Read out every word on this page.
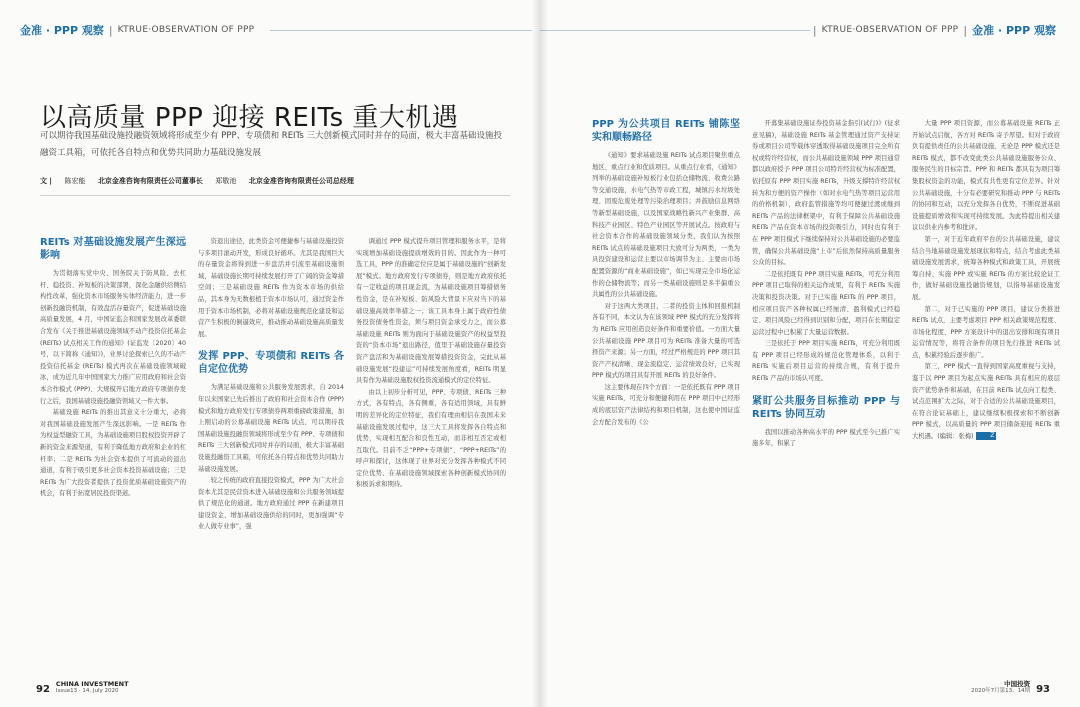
金准 · PPP 观察 | KTRUE·OBSERVATION OF PPP
以高质量 PPP 迎接 REITs 重大机遇
可以期待我国基础设施投融资领域将形成至少有 PPP、专项债和 REITs 三大创新模式同时并存的局面，极大丰富基础设施投融资工具箱，可依托各自特点和优势共同助力基础设施发展
文 | 陈宏能 北京金准咨询有限责任公司董事长 郑敬池 北京金准咨询有限责任公司总经理
REITs 对基础设施发展产生深远影响

为贯彻落实党中央、国务院关于防风险、去杠杆、稳投资、补短板的决策部署，深化金融供给侧结构性改革，强化资本市场服务实体经济能力，进一步创新投融资机制，有效盘活存量资产，促进基础设施高质量发展，4 月，中国证监会和国家发展改革委联合发布《关于推进基础设施领域不动产投资信托基金 (REITs) 试点相关工作的通知》(证监发〔2020〕40 号，以下简称《通知》)，业界讨论探索已久的不动产投资信托基金 (REITs) 模式再次在基础设施领域破冰，成为近几年中国国家大力推广应用政府和社会资本合作模式 (PPP)、大规模开启地方政府专项债券发行之后，我国基础设施投融资领域又一件大事。

基础设施 REITs 的推出其意义十分重大，必将对我国基础设施发展产生深远影响。一是 REITs 作为权益型融资工具，为基础设施项目股权投资开辟了新的资金来源渠道，有利于降低地方政府和企业的杠杆率；二是 REITs 为社会资本提供了可流动的退出通道，有利于吸引更多社会资本投资基础设施；三是 REITs 为广大投资者提供了投资优质基础设施资产的机会，有利于拓宽居民投资渠道。

资退出途径，此类资金可便捷参与基础设施投资与多项目滚动开发，形成良好循环。尤其是我国巨大的存量资金将得到进一步盘活并引流至基础设施领域，基础设施长期可持续发展打开了广阔的资金筹措空间；三是基础设施 REITs 作为资本市场的供给品，其本身为无数根植于资本市场认可，通过资金作用于资本市场机制，必将对基础设施规范化建设和运营产生积极的倒逼效应，推动推动基础设施高质量发展。

发挥 PPP、专项债和 REITs 各自定位优势

为满足基础设施和公共服务发展需求，自 2014 年以来国家已先后推出了政府和社会资本合作 (PPP) 模式和地方政府发行专项债券两项重磅政策措施，加上刚启动的公募基础设施 REITs 试点，可以期待我国基础设施投融资领域将形成至少有 PPP、专项债和 REITs 三大创新模式同时并存的局面，极大丰富基础设施投融资工具箱，可依托各自特点和优势共同助力基础设施发展。

较之传统的政府直接投资模式，PPP 为广大社会资本尤其是民营资本进入基础设施和公共服务领域提供了规范化的通道。地方政府通过 PPP 在新建项目建设资金、增加基础设施供给的同时，更加强调“专业人做专业事”，强

调通过 PPP 模式提升项目管理和服务水平，是将实现增加基础设施提质增效的目的。因此作为一种可选工具，PPP 的准确定位应是属于基础设施的“创新发展”模式。地方政府发行专项债券，则是地方政府依托有一定收益的项目现金流，为基础设施项目筹措债务性资金，是在补短板、防风险大背景下应对当下的基础设施高效率举措之一；该工具本身上属于政府性债务投资债务性资金，须与项目资金承受力之，而公募基础设施 REITs 则为面向于基础设施资产的权益型投资的“资本市场”退出路径，值里于基础设施存量投资资产盘活和为基础设施发展筹措投资资金，完此从基础设施发展“投建运”可持续发展角度看，REITs 明显具有作为基础设施股权投资流通模式的定位特征。

由以上初步分析可见，PPP、专项债、REITs 三种方式，各有特点，各有侧重，各有适用领域，具有鲜明的差异化的定位特征，我们有理由相信在我国未来基础设施发展过程中，这三大工具将发挥各自特点和优势，实现相互配合和良性互动，而非相互否定或相互取代。目前不乏“PPP+专项债”、“PPP+REITs”的呼声和探讨，这体现了业界对充分发挥各种模式不同定位优势、在基础设施领域探索各种创新模式协同的积极诉求和期待。

92 CHINA INVESTMENT
Issue13 · 14, July 2020
| KTRUE·OBSERVATION OF PPP | 金准 · PPP 观察
PPP 为公共项目 REITs 铺陈坚实和顺畅路径

《通知》要求基础设施 REITs 试点项目聚焦重点地区、重点行业和优质项目。从重点行业看，《通知》列举的基础设施补短板行业包括仓储物流、收费公路等交通设施，水电气热等市政工程，城镇污水垃圾处理、固废危废处理等污染治理项目；并鼓励信息网络等新型基础设施，以及国家战略性新兴产业集群、高科技产业园区、特色产业园区等开展试点。按政府与社会资本合作的基础设施领域分类，我们认为按照 REITs 试点的基础设施项目大致可分为两类，一类为具投资建设和运营主要以市场调节为主、主要由市场配置资源的“商业基础设施”，如已实现完全市场化运作的仓储物流等；而另一类基础设施则是多半偏重公共属性的公共基础设施。

对于这两大类项目，二者的投资主体和回报机制各有不同，本文认为在该领域 PPP 模式的充分发挥将为 REITs 应用创造良好条件和重要价值。一方面大量公共基础设施 PPP 项目可为 REITs 准备大量的可选择资产来源；另一方面，经过严格规范的 PPP 项目其资产产权清晰、现金流稳定、运营绩效良好，已实现 PPP 模式的项目具有开展 REITs 的良好条件。

这主要体现在四个方面：一是依托既有 PPP 项目实施 REITs，可充分和便捷利用在 PPP 项目中已经形成的底层资产法律结构和项目机制，这也使中国证监会方配合发布的《公

开募集基础设施证券投资基金指引(试行)》(征求意见稿)，基础设施 REITs 基金管理通过资产支持证券或项目公司等载体穿透取得基础设施项目完全所有权或特许经营权，而公共基础设施领域 PPP 项目通常都以政府授予 PPP 项目公司特许经营权为标准配置，依托原有 PPP 项目实施 REITs，升级支撑特许经营权转为和方便的资产操作（如对水电气热等项目运营用的价格机制），政府监管措施等均可便捷过渡或继到 REITs 产品的法律框架中，有利于保障公共基础设施 REITs 产品在资本市场的投资吸引力，同时也有利于在 PPP 项目模式下继续保持对公共基础设施的必要监管，确保公共基础设施“上市”后依然保持高质量服务公众的目标。

二是依托既有 PPP 项目实施 REITs，可充分利用 PPP 项目已取得的相关运作成果，有利于 REITs 实施决策和投资决策。对于已实施 REITs 的 PPP 项目，相应项目资产各种权属已经厘清、盈利模式已经稳定、项目风险已经得到识别和分配，项目在长期稳定运营过程中已积累了大量运营数据。

三是依托于 PPP 项目实施 REITs，可充分利用既有 PPP 项目已经形成的规范化管理体系，以利于 REITs 实施后项目运营的持续合规，有利于提升 REITs 产品的市场认可度。

紧盯公共服务目标推动 PPP 与 REITs 协同互动

我国以推动各种高水平的 PPP 模式至今已推广实施多年，积累了

大量 PPP 项目资源，而公募基础设施 REITs 正开始试点启航，各方对 REITs 寄予厚望。但对于政府负有提供责任的公共基础设施，无论是 PPP 模式还是 REITs 模式，都不改变此类公共基础设施服务公众、服务民生的目标宗旨。PPP 和 REITs 都具有为项目筹集股权资金的功能，模式有共性更有定位差异。针对公共基础设施，十分有必要研究和推动 PPP 与 REITs 的协同和互动，以充分发挥各自优势，不断促进基础设施提质增效和实现可持续发展。为此特提出相关建议以供业内参考和批评。

第一，对于近年政府平台的公共基础设施，建议结合当地基础设施发展现状和特点，结合考虑此类基础设施发展需求，统筹各种模式和政策工具，开展统筹自持、实施 PPP 或实施 REITs 的方案比较论证工作，做好基础设施投融资规划，以指导基础设施发展。

第二，对于已实施的 PPP 项目，建议分类推进 REITs 试点，主要考虑项目 PPP 相关政策规范程度、市场化程度、PPP 方案设计中的退出安排和现有项目运营情况等，将符合条件的项目先行推进 REITs 试点，积累经验后逐步推广。

第三，PPP 模式一直得到国家高度重视与支持，鉴于以 PPP 项目为起点实施 REITs 具有相应的底层资产优势条件和基础，在目前 REITs 试点向工程类、试点范围扩大之际，对于合适的公共基础设施项目，在符合论证基础上，建议继续积极探索和不断创新 PPP 模式，以高质量的 PPP 项目储备迎接 REITs 重大机遇。(编辑：张梅)	Z

中国投资
2020年7月第13、14期 93
